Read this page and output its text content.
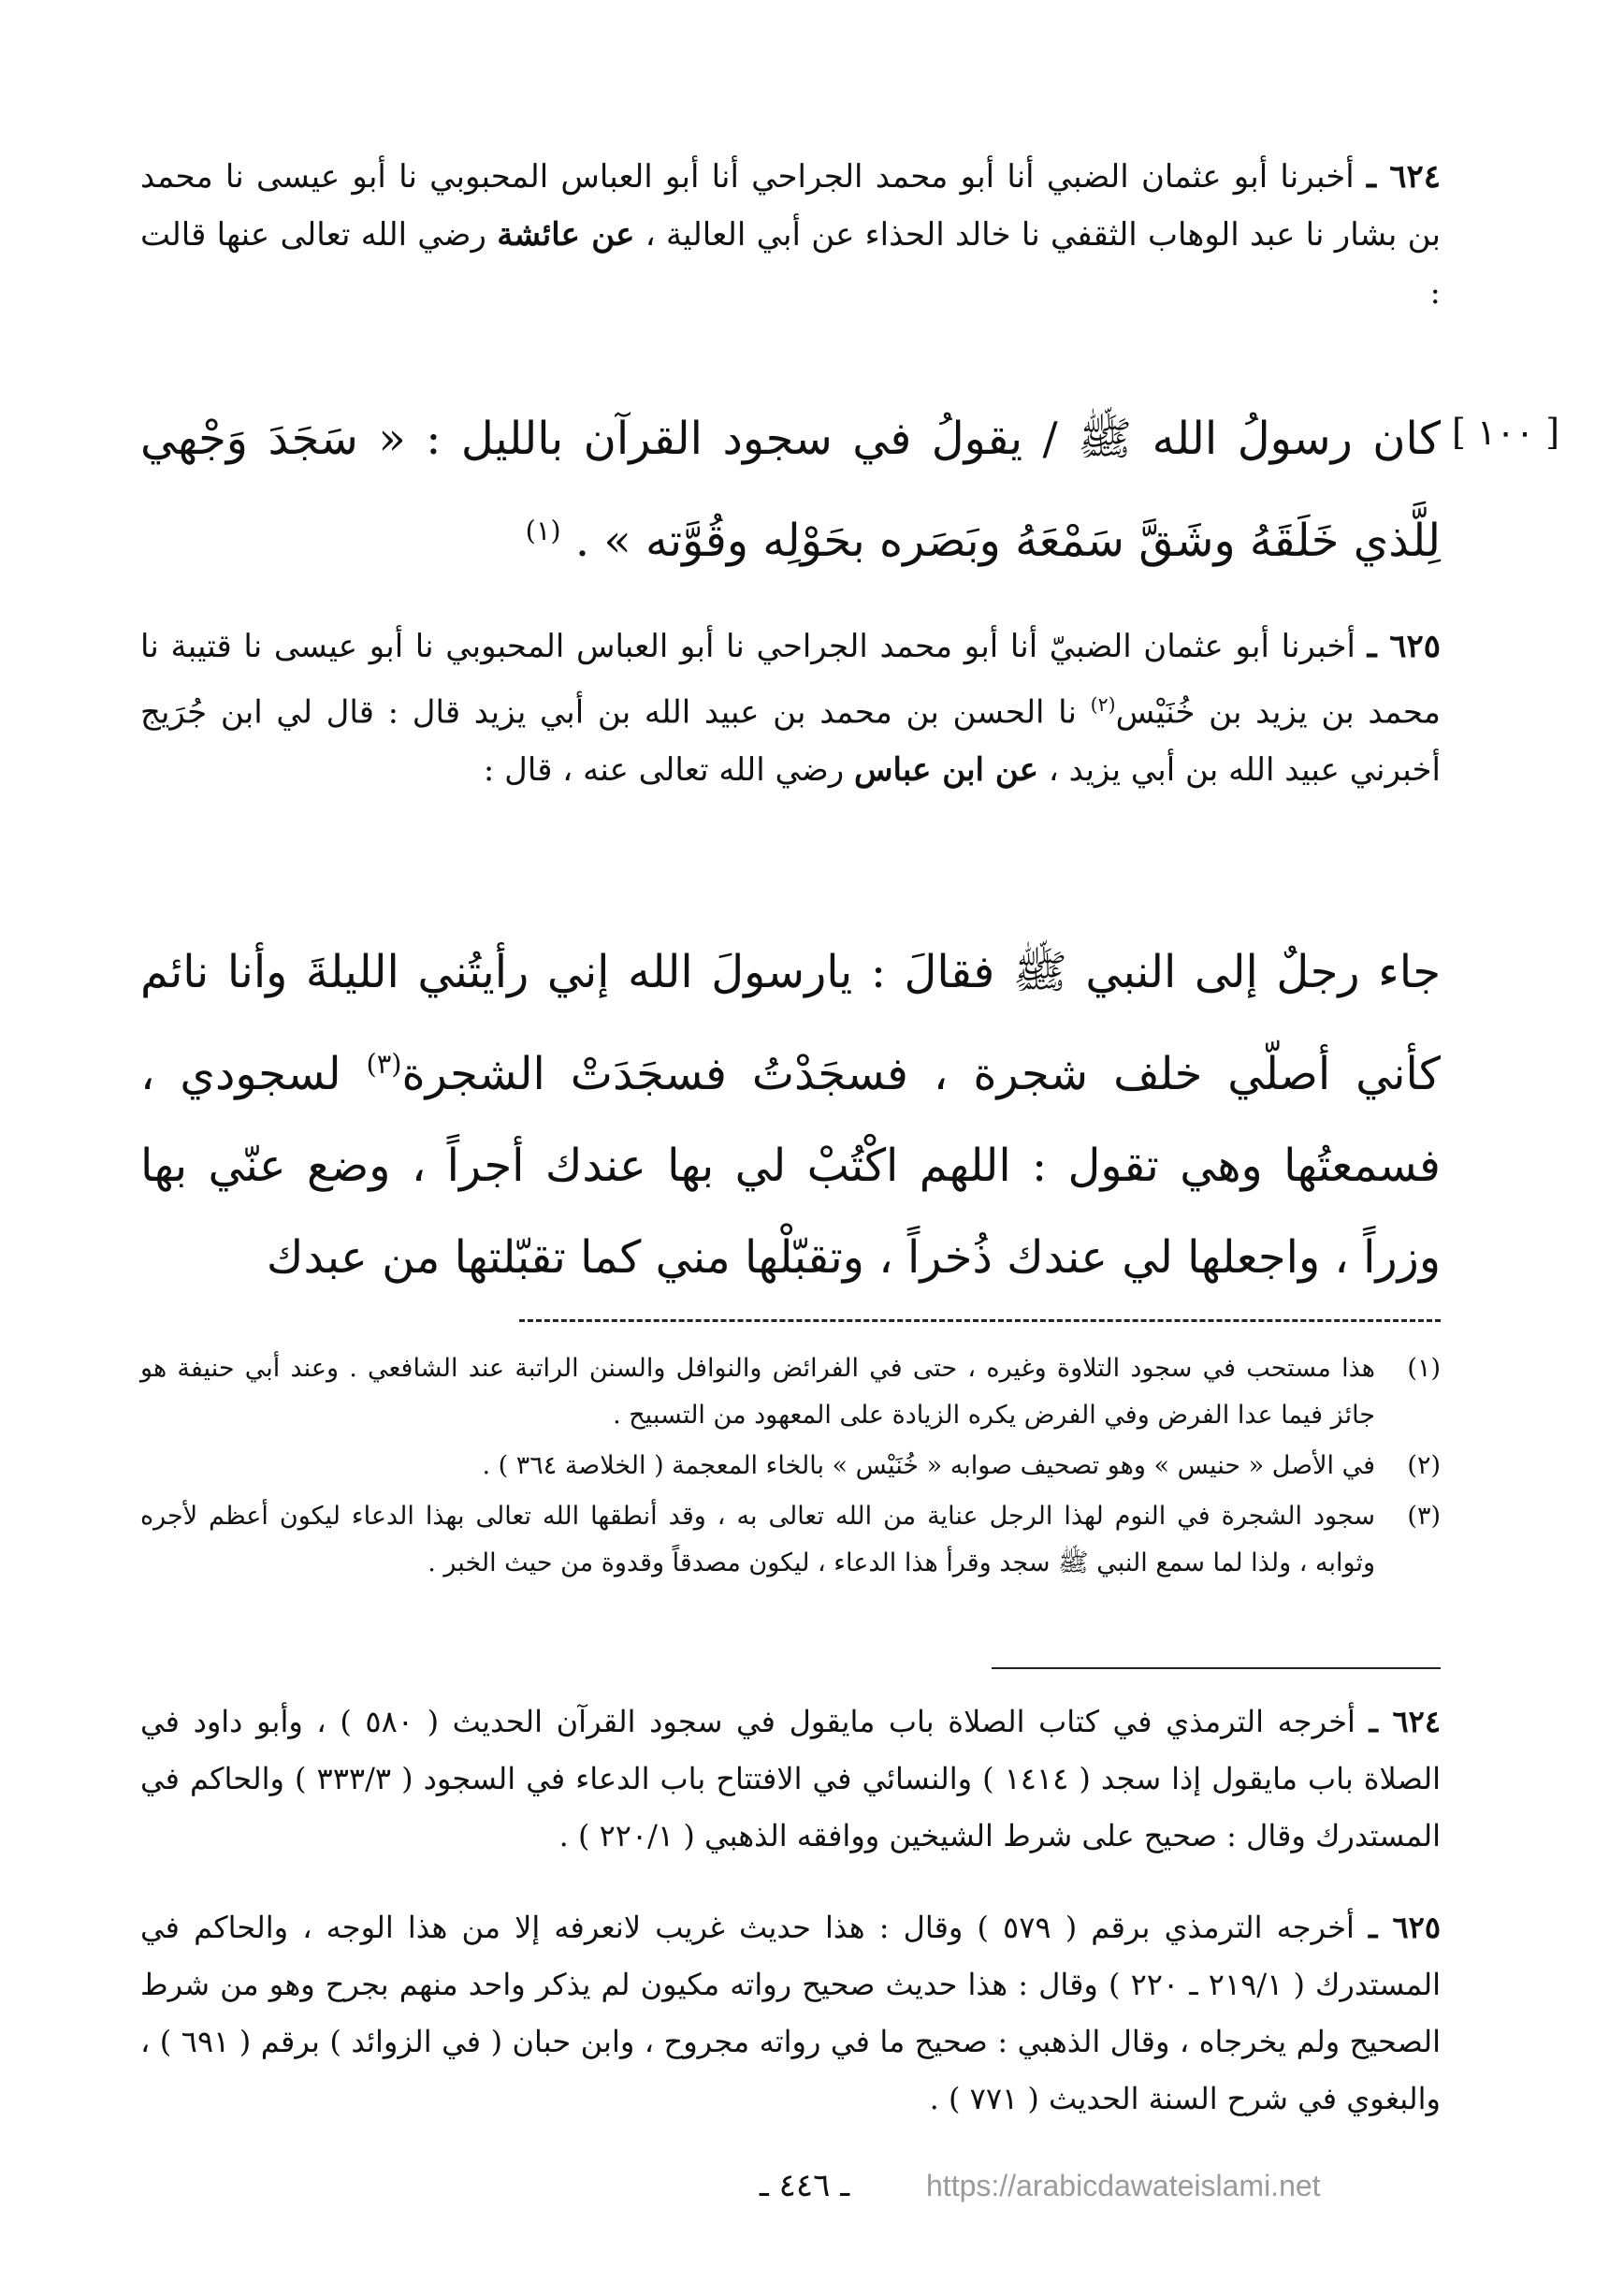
٦٢٤ ـ أخبرنا أبو عثمان الضبي أنا أبو محمد الجراحي أنا أبو العباس المحبوبي نا أبو عيسى نا محمد بن بشار نا عبد الوهاب الثقفي نا خالد الحذاء عن أبي العالية ، عن عائشة رضي الله تعالى عنها قالت :

[ ١٠٠ ]

كان رسولُ الله ﷺ / يقولُ في سجود القرآن بالليل : « سَجَدَ وَجْهي لِلَّذي خَلَقَهُ وشَقَّ سَمْعَهُ وبَصَره بحَوْلِه وقُوَّته » . $^{(١)}$

٦٢٥ ـ أخبرنا أبو عثمان الضبيّ أنا أبو محمد الجراحي نا أبو العباس المحبوبي نا أبو عيسى نا قتيبة نا محمد بن يزيد بن خُنَيْس$^{(٢)}$ نا الحسن بن محمد بن عبيد الله بن أبي يزيد قال : قال لي ابن جُرَيج أخبرني عبيد الله بن أبي يزيد ، عن ابن عباس رضي الله تعالى عنه ، قال :

جاء رجلٌ إلى النبي ﷺ فقالَ : يارسولَ الله إني رأيتُني الليلةَ وأنا نائم كأني أصلّي خلف شجرة ، فسجَدْتُ فسجَدَتْ الشجرة$^{(٣)}$ لسجودي ، فسمعتُها وهي تقول : اللهم اكْتُبْ لي بها عندك أجراً ، وضع عنّي بها وزراً ، واجعلها لي عندك ذُخراً ، وتقبّلْها مني كما تقبّلتها من عبدك

(١)
هذا مستحب في سجود التلاوة وغيره ، حتى في الفرائض والنوافل والسنن الراتبة عند الشافعي . وعند أبي حنيفة هو جائز فيما عدا الفرض وفي الفرض يكره الزيادة على المعهود من التسبيح .
(٢)
في الأصل « حنيس » وهو تصحيف صوابه « خُنَيْس » بالخاء المعجمة ( الخلاصة ٣٦٤ ) .
(٣)
سجود الشجرة في النوم لهذا الرجل عناية من الله تعالى به ، وقد أنطقها الله تعالى بهذا الدعاء ليكون أعظم لأجره وثوابه ، ولذا لما سمع النبي ﷺ سجد وقرأ هذا الدعاء ، ليكون مصدقاً وقدوة من حيث الخبر .

٦٢٤ ـ أخرجه الترمذي في كتاب الصلاة باب مايقول في سجود القرآن الحديث ( ٥٨٠ ) ، وأبو داود في الصلاة باب مايقول إذا سجد ( ١٤١٤ ) والنسائي في الافتتاح باب الدعاء في السجود ( ٣٣٣/٣ ) والحاكم في المستدرك وقال : صحيح على شرط الشيخين ووافقه الذهبي ( ٢٢٠/١ ) .

٦٢٥ ـ أخرجه الترمذي برقم ( ٥٧٩ ) وقال : هذا حديث غريب لانعرفه إلا من هذا الوجه ، والحاكم في المستدرك ( ٢١٩/١ ـ ٢٢٠ ) وقال : هذا حديث صحيح رواته مكيون لم يذكر واحد منهم بجرح وهو من شرط الصحيح ولم يخرجاه ، وقال الذهبي : صحيح ما في رواته مجروح ، وابن حبان ( في الزوائد ) برقم ( ٦٩١ ) ، والبغوي في شرح السنة الحديث ( ٧٧١ ) .

ـ ٤٤٦ ـ	https://arabicdawateislami.net
